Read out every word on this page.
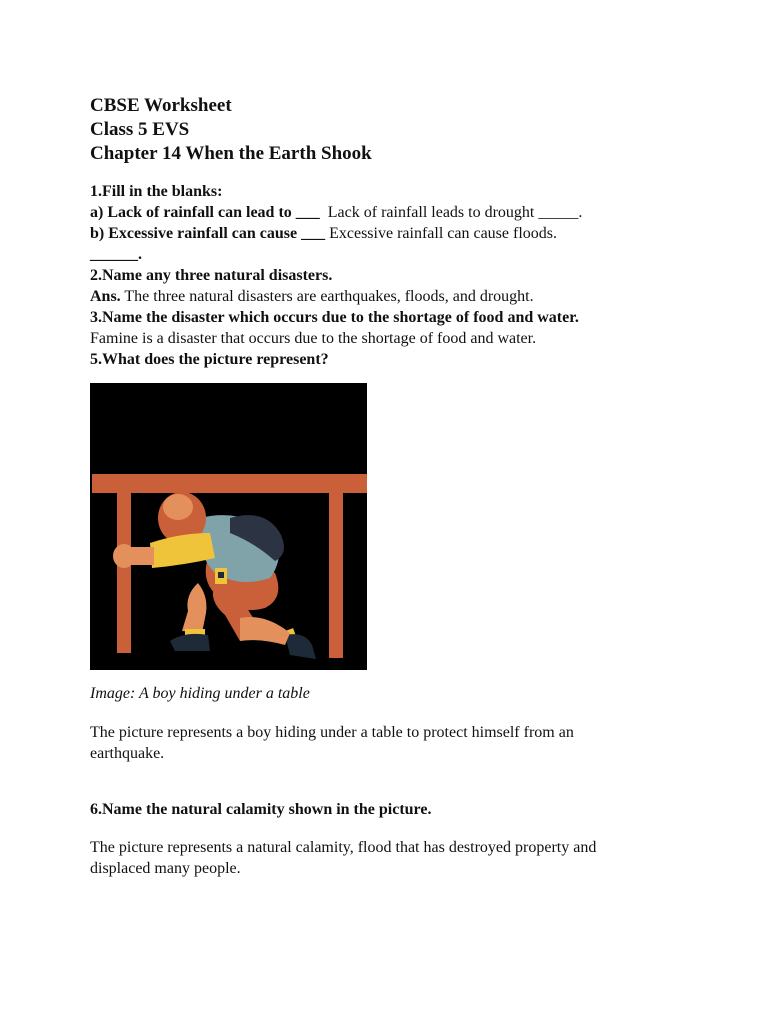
CBSE Worksheet
Class 5 EVS
Chapter 14 When the Earth Shook
1.Fill in the blanks:
a) Lack of rainfall can lead to ___ Lack of rainfall leads to drought _____.
b) Excessive rainfall can cause ___ Excessive rainfall can cause floods.
______.
2.Name any three natural disasters.
Ans. The three natural disasters are earthquakes, floods, and drought.
3.Name the disaster which occurs due to the shortage of food and water.
Famine is a disaster that occurs due to the shortage of food and water.
5.What does the picture represent?
Image: A boy hiding under a table
The picture represents a boy hiding under a table to protect himself from an earthquake.
6.Name the natural calamity shown in the picture.
The picture represents a natural calamity, flood that has destroyed property and displaced many people.
